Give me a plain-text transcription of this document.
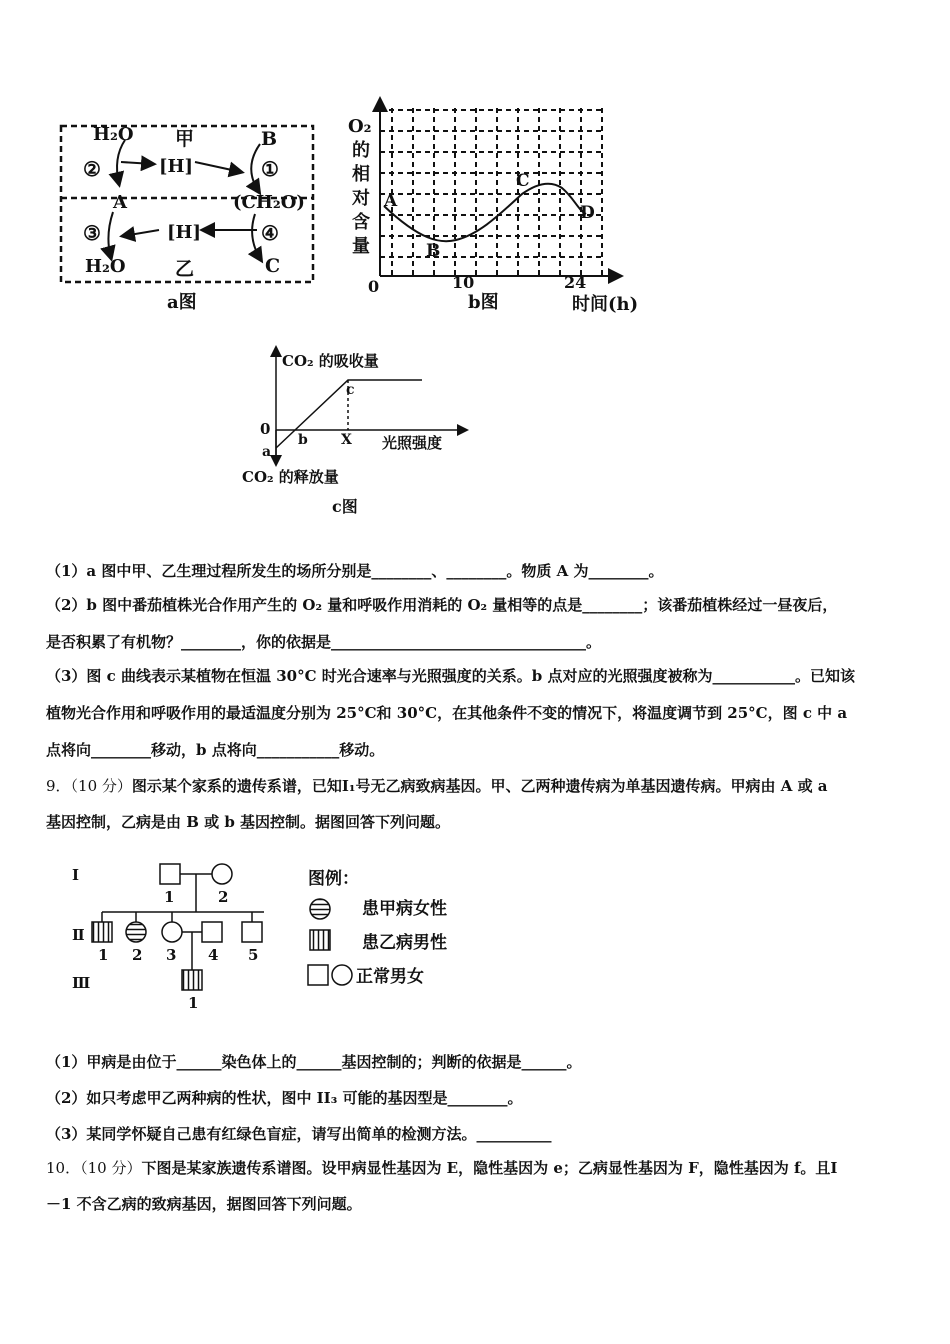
H₂O 甲	B
②	[H]	①
A	(CH₂O)
③	[H]	④
H₂O	乙	C
a图
O₂
的
相
对
含
量
A
B
C
D
0	10	24
b图	时间(h)
CO₂ 的吸收量
0
a
b
c
X 光照强度
CO₂ 的释放量
c图
（1）a 图中甲、乙生理过程所发生的场所分别是________、________。物质 A 为________。
（2）b 图中番茄植株光合作用产生的 O₂ 量和呼吸作用消耗的 O₂ 量相等的点是________；该番茄植株经过一昼夜后，
是否积累了有机物？________，你的依据是__________________________________。
（3）图 c 曲线表示某植物在恒温 30°C 时光合速率与光照强度的关系。b 点对应的光照强度被称为___________。已知该
植物光合作用和呼吸作用的最适温度分别为 25°C和 30°C，在其他条件不变的情况下，将温度调节到 25°C，图 c 中 a
点将向________移动，b 点将向___________移动。
9．（10 分）图示某个家系的遗传系谱，已知Ⅰ₁号无乙病致病基因。甲、乙两种遗传病为单基因遗传病。甲病由 A 或 a
基因控制，乙病是由 B 或 b 基因控制。据图回答下列问题。
Ⅰ
Ⅱ
Ⅲ
1	2
1 2 3 4 5
1
图例：
患甲病女性
患乙病男性
正常男女
（1）甲病是由位于______染色体上的______基因控制的；判断的依据是______。
（2）如只考虑甲乙两种病的性状，图中 II₃ 可能的基因型是________。
（3）某同学怀疑自己患有红绿色盲症，请写出简单的检测方法。__________
10．（10 分）下图是某家族遗传系谱图。设甲病显性基因为 E，隐性基因为 e；乙病显性基因为 F，隐性基因为 f。且Ⅰ
－1 不含乙病的致病基因，据图回答下列问题。
